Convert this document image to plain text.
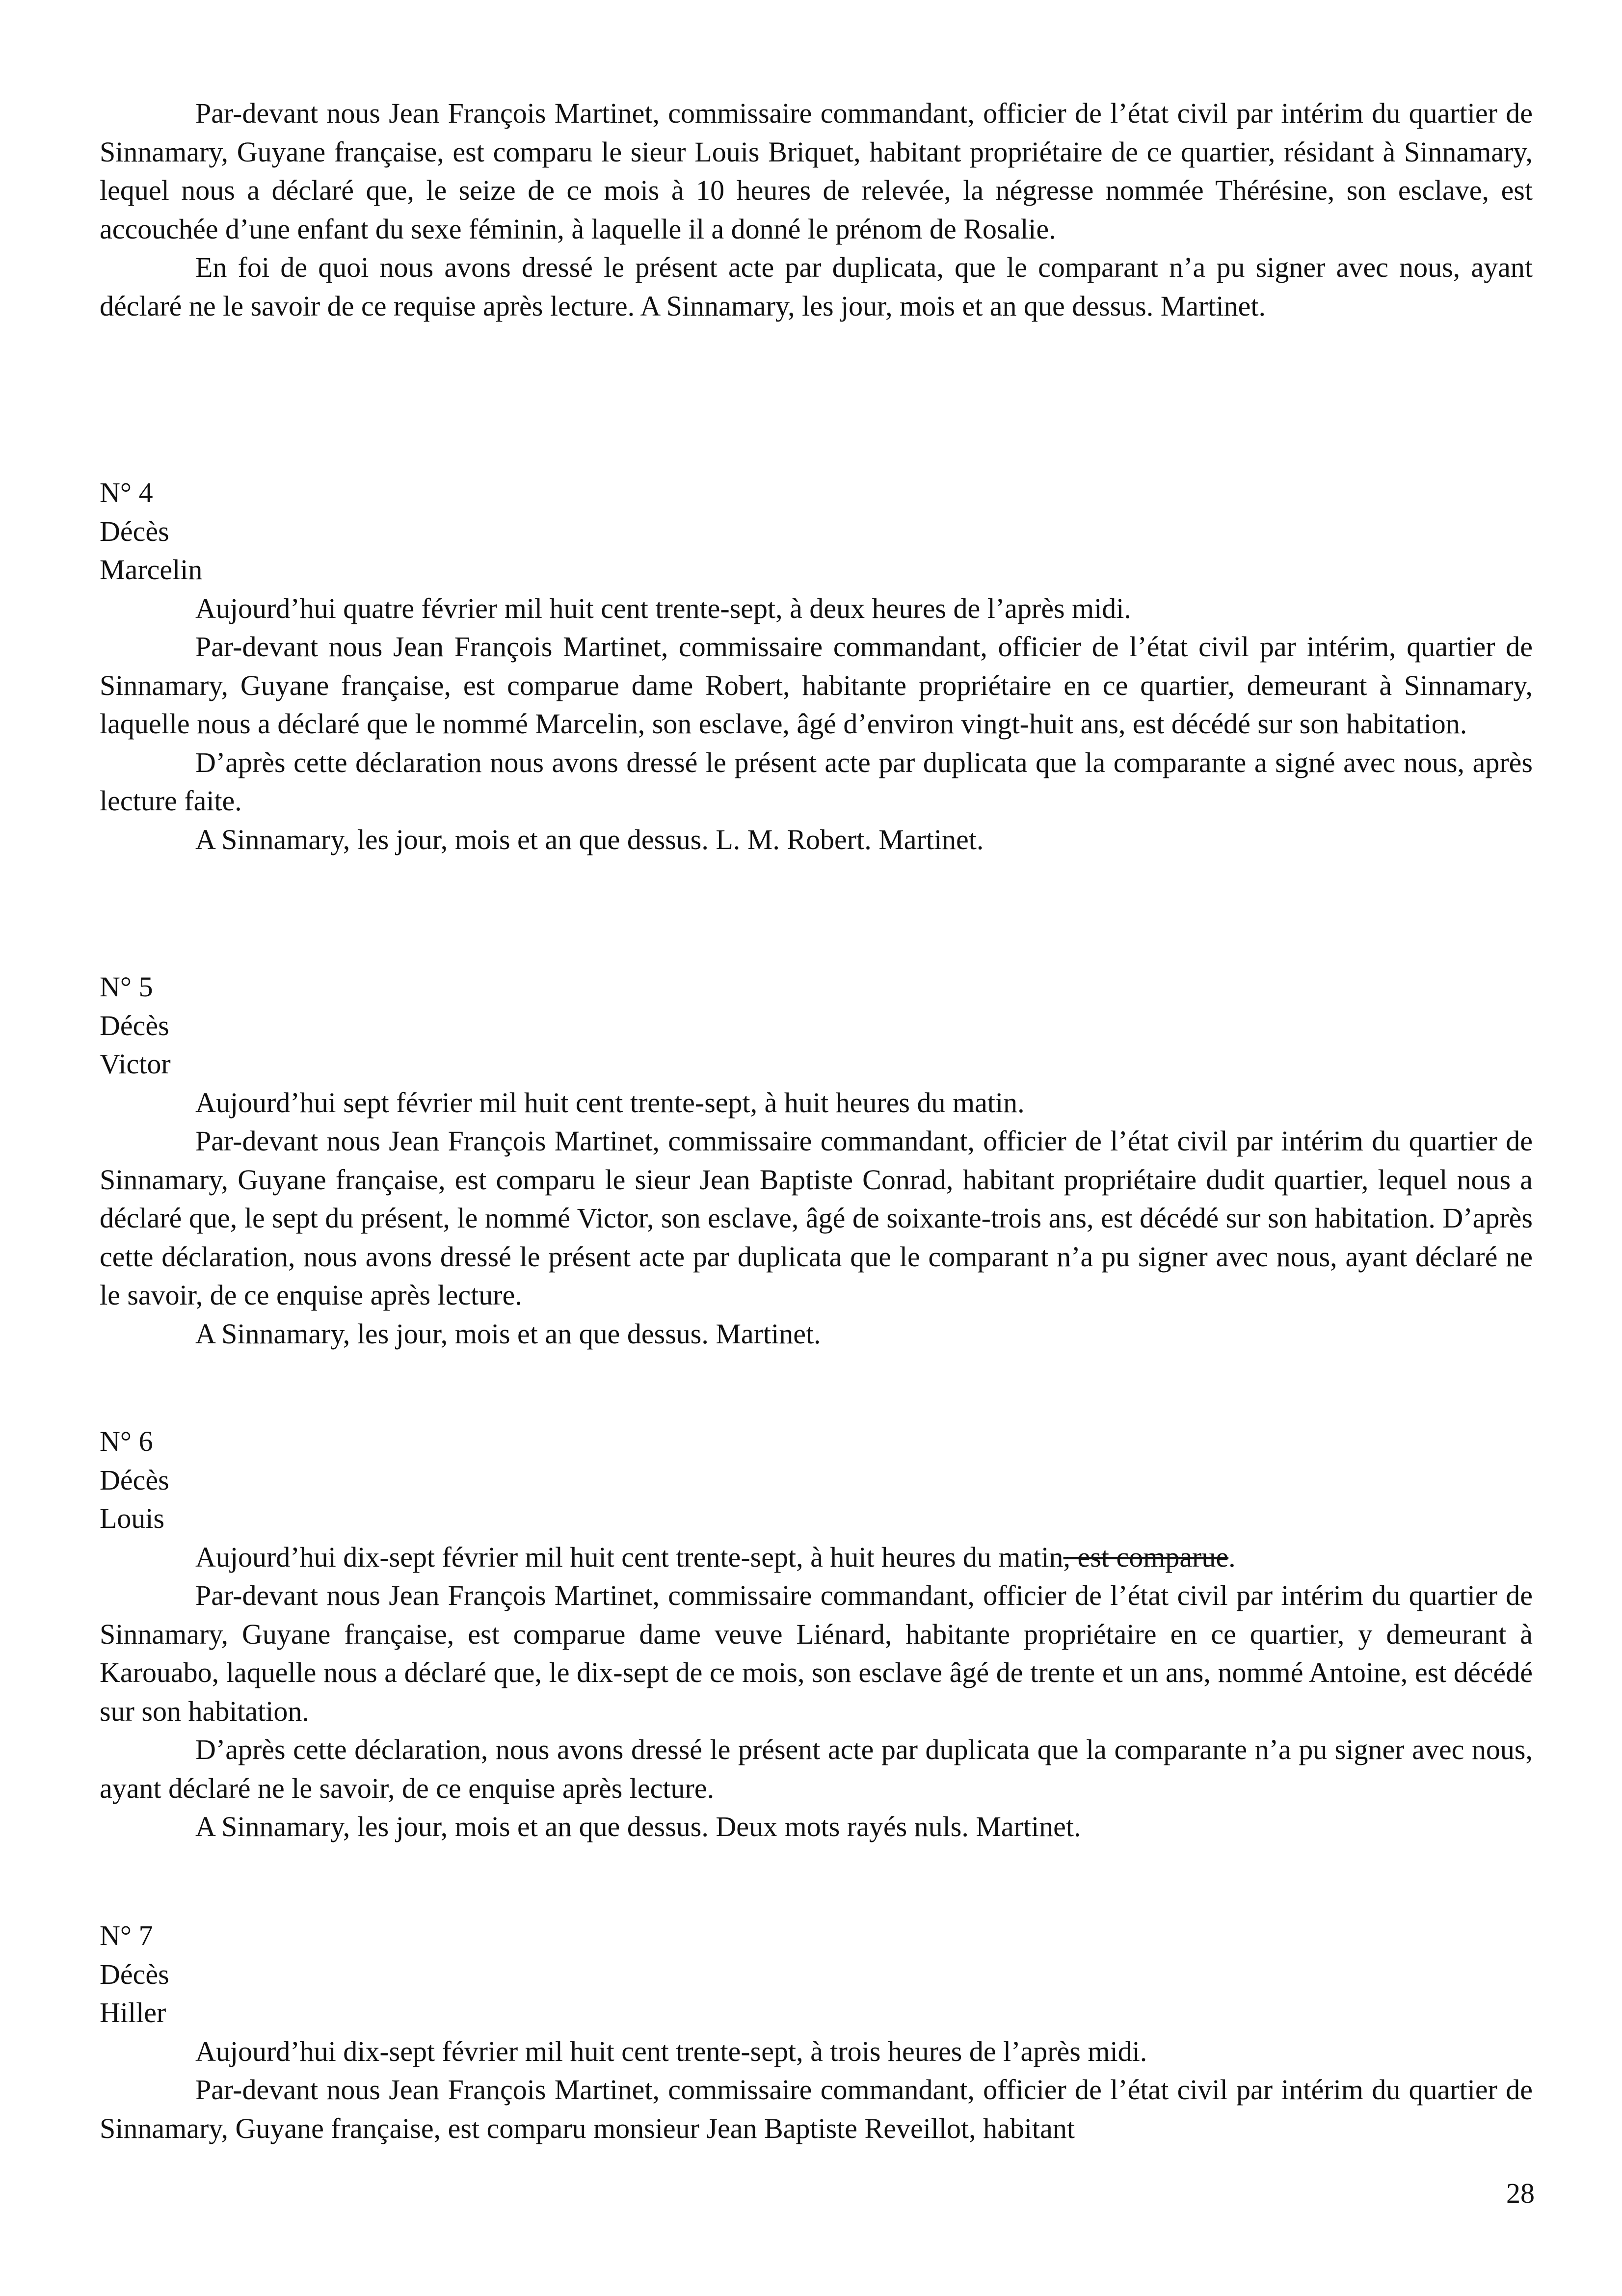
Par-devant nous Jean François Martinet, commissaire commandant, officier de l’état civil par intérim du quartier de Sinnamary, Guyane française, est comparu le sieur Louis Briquet, habitant propriétaire de ce quartier, résidant à Sinnamary, lequel nous a déclaré que, le seize de ce mois à 10 heures de relevée, la négresse nommée Thérésine, son esclave, est accouchée d’une enfant du sexe féminin, à laquelle il a donné le prénom de Rosalie.

En foi de quoi nous avons dressé le présent acte par duplicata, que le comparant n’a pu signer avec nous, ayant déclaré ne le savoir de ce requise après lecture. A Sinnamary, les jour, mois et an que dessus. Martinet.

N° 4

Décès

Marcelin

Aujourd’hui quatre février mil huit cent trente-sept, à deux heures de l’après midi.

Par-devant nous Jean François Martinet, commissaire commandant, officier de l’état civil par intérim, quartier de Sinnamary, Guyane française, est comparue dame Robert, habitante propriétaire en ce quartier, demeurant à Sinnamary, laquelle nous a déclaré que le nommé Marcelin, son esclave, âgé d’environ vingt-huit ans, est décédé sur son habitation.

D’après cette déclaration nous avons dressé le présent acte par duplicata que la comparante a signé avec nous, après lecture faite.

A Sinnamary, les jour, mois et an que dessus. L. M. Robert. Martinet.

N° 5

Décès

Victor

Aujourd’hui sept février mil huit cent trente-sept, à huit heures du matin.

Par-devant nous Jean François Martinet, commissaire commandant, officier de l’état civil par intérim du quartier de Sinnamary, Guyane française, est comparu le sieur Jean Baptiste Conrad, habitant propriétaire dudit quartier, lequel nous a déclaré que, le sept du présent, le nommé Victor, son esclave, âgé de soixante-trois ans, est décédé sur son habitation. D’après cette déclaration, nous avons dressé le présent acte par duplicata que le comparant n’a pu signer avec nous, ayant déclaré ne le savoir, de ce enquise après lecture.

A Sinnamary, les jour, mois et an que dessus. Martinet.

N° 6

Décès

Louis

Aujourd’hui dix-sept février mil huit cent trente-sept, à huit heures du matin, est comparue.

Par-devant nous Jean François Martinet, commissaire commandant, officier de l’état civil par intérim du quartier de Sinnamary, Guyane française, est comparue dame veuve Liénard, habitante propriétaire en ce quartier, y demeurant à Karouabo, laquelle nous a déclaré que, le dix-sept de ce mois, son esclave âgé de trente et un ans, nommé Antoine, est décédé sur son habitation.

D’après cette déclaration, nous avons dressé le présent acte par duplicata que la comparante n’a pu signer avec nous, ayant déclaré ne le savoir, de ce enquise après lecture.

A Sinnamary, les jour, mois et an que dessus. Deux mots rayés nuls. Martinet.

N° 7

Décès

Hiller

Aujourd’hui dix-sept février mil huit cent trente-sept, à trois heures de l’après midi.

Par-devant nous Jean François Martinet, commissaire commandant, officier de l’état civil par intérim du quartier de Sinnamary, Guyane française, est comparu monsieur Jean Baptiste Reveillot, habitant

28
